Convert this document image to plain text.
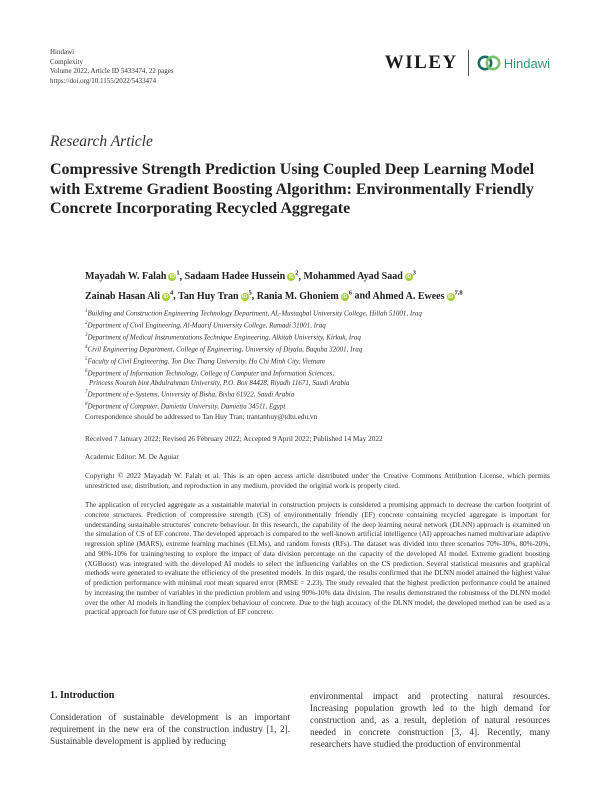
Hindawi
Complexity
Volume 2022, Article ID 5433474, 22 pages
https://doi.org/10.1155/2022/5433474
WILEY	Hindawi
Research Article
Compressive Strength Prediction Using Coupled Deep Learning Model with Extreme Gradient Boosting Algorithm: Environmentally Friendly Concrete Incorporating Recycled Aggregate
Mayadah W. Falah $iD^1$, Sadaam Hadee Hussein $iD^2$, Mohammed Ayad Saad $iD^3$
Zainab Hasan Ali $iD^4$, Tan Huy Tran $iD^5$, Rania M. Ghoniem $iD^6$ and Ahmed A. Ewees iD$^{7,8}$
$^1$Building and Construction Engineering Technology Department, AL-Mustaqbal University College, Hillah 51001, Iraq
$^2$Department of Civil Engineering, Al-Maarif University College, Ramadi 31001, Iraq
$^3$Department of Medical Instrumentations Technique Engineering, Alkitab University, Kirkuk, Iraq
$^4$Civil Engineering Department, College of Engineering, University of Diyala, Baquba 32001, Iraq
$^5$Faculty of Civil Engineering, Ton Duc Thang University, Ho Chi Minh City, Vietnam
$^6$Department of Information Technology, College of Computer and Information Sciences,
Princess Nourah bint Abdulrahman University, P.O. Box 84428, Riyadh 11671, Saudi Arabia
$^7$Department of e-Systems, University of Bisha, Bisha 61922, Saudi Arabia
$^8$Department of Computer, Damietta University, Damietta 34511, Egypt
Correspondence should be addressed to Tan Huy Tran; trantanhuy@tdtu.edu.vn
Received 7 January 2022; Revised 26 February 2022; Accepted 9 April 2022; Published 14 May 2022
Academic Editor: M. De Aguiar
Copyright © 2022 Mayadah W. Falah et al. This is an open access article distributed under the Creative Commons Attribution License, which permits unrestricted use, distribution, and reproduction in any medium, provided the original work is properly cited.
The application of recycled aggregate as a sustainable material in construction projects is considered a promising approach to decrease the carbon footprint of concrete structures. Prediction of compressive strength (CS) of environmentally friendly (EF) concrete containing recycled aggregate is important for understanding sustainable structures' concrete behaviour. In this research, the capability of the deep learning neural network (DLNN) approach is examined on the simulation of CS of EF concrete. The developed approach is compared to the well-known artificial intelligence (AI) approaches named multivariate adaptive regression spline (MARS), extreme learning machines (ELMs), and random forests (RFs). The dataset was divided into three scenarios 70%-30%, 80%-20%, and 90%-10% for training/testing to explore the impact of data division percentage on the capacity of the developed AI model. Extreme gradient boosting (XGBoost) was integrated with the developed AI models to select the influencing variables on the CS prediction. Several statistical measures and graphical methods were generated to evaluate the efficiency of the presented models. In this regard, the results confirmed that the DLNN model attained the highest value of prediction performance with minimal root mean squared error (RMSE = 2.23). The study revealed that the highest prediction performance could be attained by increasing the number of variables in the prediction problem and using 90%-10% data division. The results demonstrated the robustness of the DLNN model over the other AI models in handling the complex behaviour of concrete. Due to the high accuracy of the DLNN model, the developed method can be used as a practical approach for future use of CS prediction of EF concrete.
1. Introduction
Consideration of sustainable development is an important requirement in the new era of the construction industry [1, 2]. Sustainable development is applied by reducing
environmental impact and protecting natural resources. Increasing population growth led to the high demand for construction and, as a result, depletion of natural resources needed in concrete construction [3, 4]. Recently, many researchers have studied the production of environmental
